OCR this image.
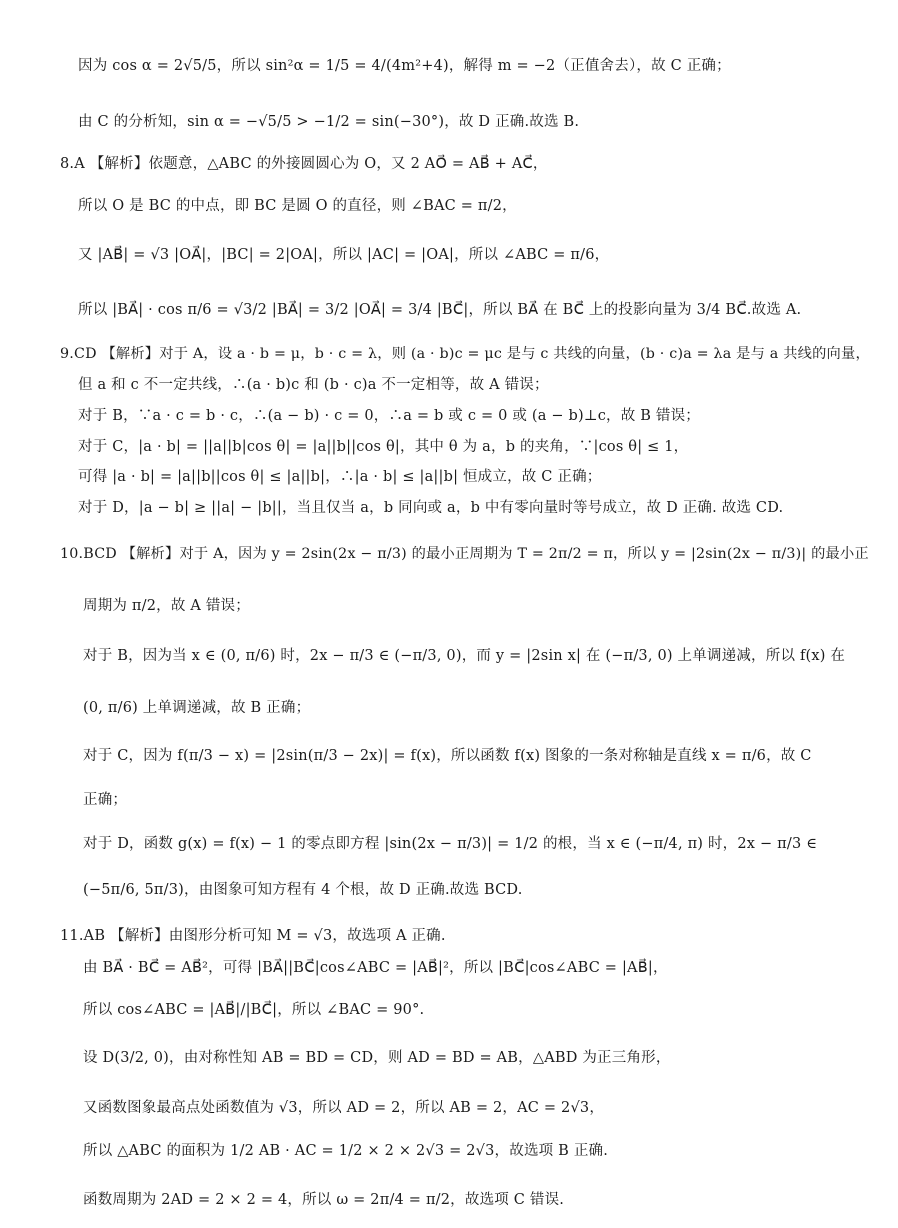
因为 cos α = 2√5/5，所以 sin²α = 1/5 = 4/(4m²+4)，解得 m = −2（正值舍去），故 C 正确；
由 C 的分析知，sin α = −√5/5 > −1/2 = sin(−30°)，故 D 正确.故选 B.
8.A 【解析】依题意，△ABC 的外接圆圆心为 O，又 2 AO⃗ = AB⃗ + AC⃗，
所以 O 是 BC 的中点，即 BC 是圆 O 的直径，则 ∠BAC = π/2，
又 |AB⃗| = √3 |OA⃗|，|BC| = 2|OA|，所以 |AC| = |OA|，所以 ∠ABC = π/6，
所以 |BA⃗| · cos π/6 = √3/2 |BA⃗| = 3/2 |OA⃗| = 3/4 |BC⃗|，所以 BA⃗ 在 BC⃗ 上的投影向量为 3/4 BC⃗.故选 A.
9.CD 【解析】对于 A，设 a · b = μ，b · c = λ，则 (a · b)c = μc 是与 c 共线的向量，(b · c)a = λa 是与 a 共线的向量，
但 a 和 c 不一定共线，∴(a · b)c 和 (b · c)a 不一定相等，故 A 错误；
对于 B，∵a · c = b · c，∴(a − b) · c = 0，∴a = b 或 c = 0 或 (a − b)⊥c，故 B 错误；
对于 C，|a · b| = ||a||b|cos θ| = |a||b||cos θ|，其中 θ 为 a，b 的夹角，∵|cos θ| ≤ 1，
可得 |a · b| = |a||b||cos θ| ≤ |a||b|，∴|a · b| ≤ |a||b| 恒成立，故 C 正确；
对于 D，|a − b| ≥ ||a| − |b||，当且仅当 a，b 同向或 a，b 中有零向量时等号成立，故 D 正确. 故选 CD.
10.BCD 【解析】对于 A，因为 y = 2sin(2x − π/3) 的最小正周期为 T = 2π/2 = π，所以 y = |2sin(2x − π/3)| 的最小正
周期为 π/2，故 A 错误；
对于 B，因为当 x ∈ (0, π/6) 时，2x − π/3 ∈ (−π/3, 0)，而 y = |2sin x| 在 (−π/3, 0) 上单调递减，所以 f(x) 在
(0, π/6) 上单调递减，故 B 正确；
对于 C，因为 f(π/3 − x) = |2sin(π/3 − 2x)| = f(x)，所以函数 f(x) 图象的一条对称轴是直线 x = π/6，故 C
正确；
对于 D，函数 g(x) = f(x) − 1 的零点即方程 |sin(2x − π/3)| = 1/2 的根，当 x ∈ (−π/4, π) 时，2x − π/3 ∈
(−5π/6, 5π/3)，由图象可知方程有 4 个根，故 D 正确.故选 BCD.
11.AB 【解析】由图形分析可知 M = √3，故选项 A 正确.
由 BA⃗ · BC⃗ = AB⃗²，可得 |BA⃗||BC⃗|cos∠ABC = |AB⃗|²，所以 |BC⃗|cos∠ABC = |AB⃗|，
所以 cos∠ABC = |AB⃗|/|BC⃗|，所以 ∠BAC = 90°.
设 D(3/2, 0)，由对称性知 AB = BD = CD，则 AD = BD = AB，△ABD 为正三角形，
又函数图象最高点处函数值为 √3，所以 AD = 2，所以 AB = 2，AC = 2√3，
所以 △ABC 的面积为 1/2 AB · AC = 1/2 × 2 × 2√3 = 2√3，故选项 B 正确.
函数周期为 2AD = 2 × 2 = 4，所以 ω = 2π/4 = π/2，故选项 C 错误.
